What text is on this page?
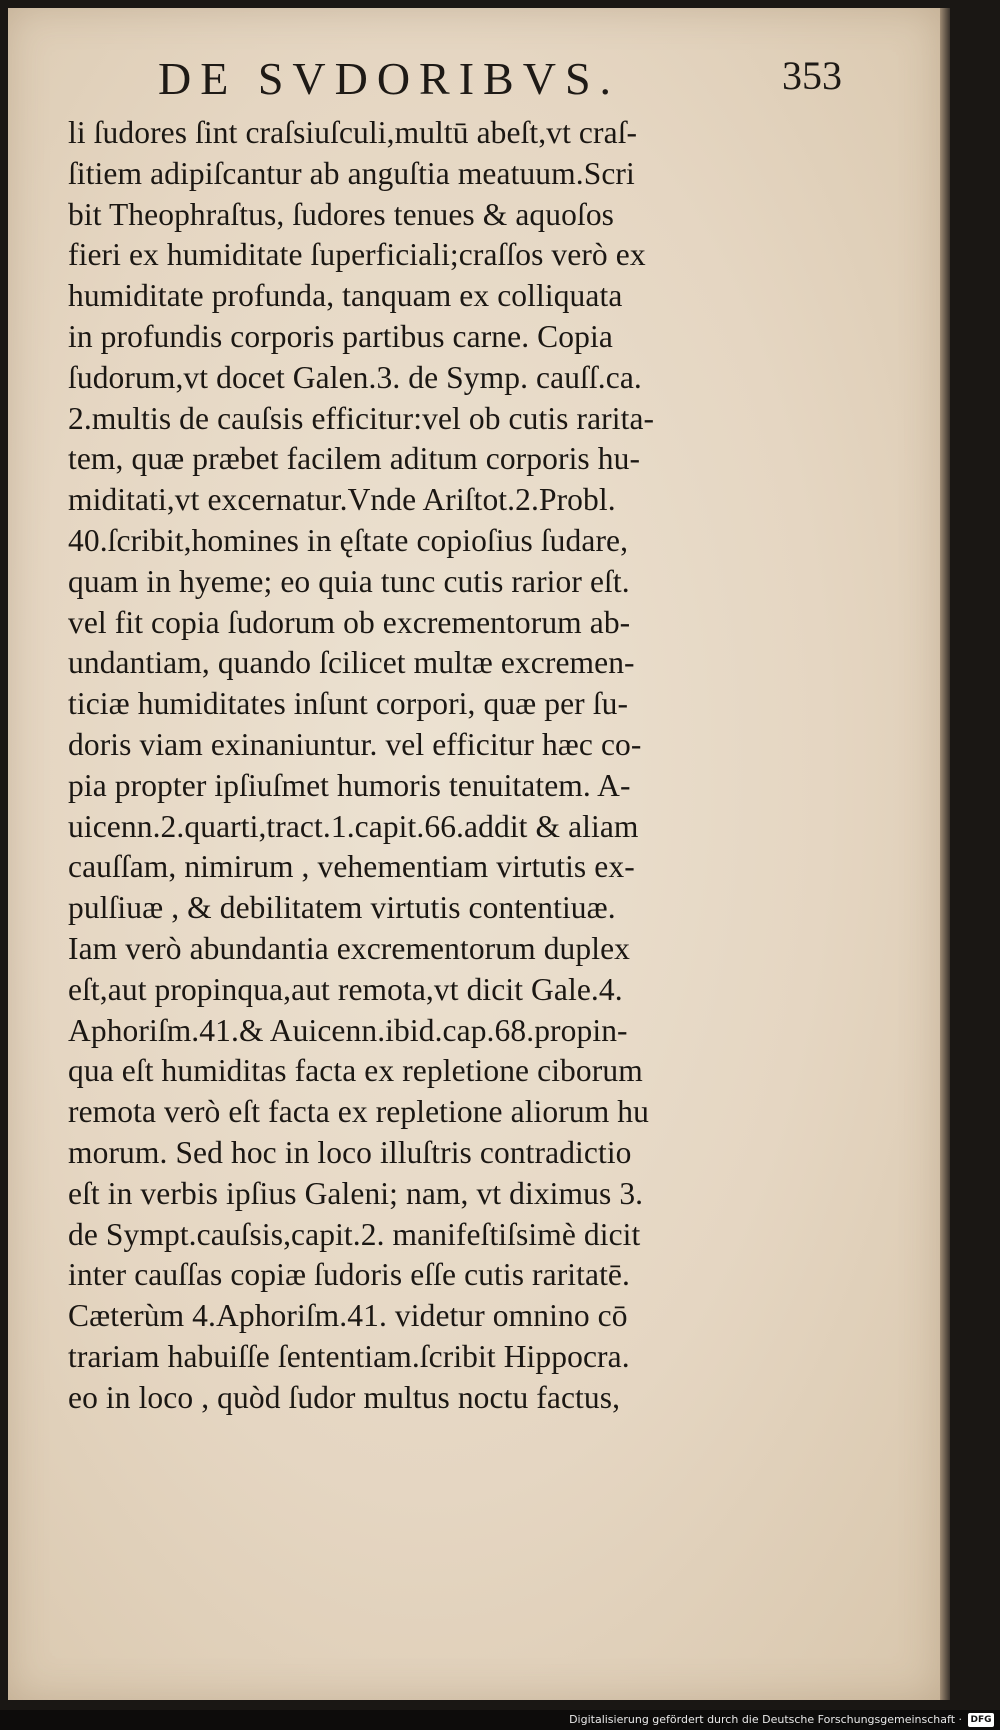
DE SVDORIBVS.	353
li ſudores ſint craſsiuſculi,multū abeſt,vt craſ-
ſitiem adipiſcantur ab anguſtia meatuum.Scri
bit Theophraſtus, ſudores tenues & aquoſos
fieri ex humiditate ſuperficiali;craſſos verò ex
humiditate profunda, tanquam ex colliquata
in profundis corporis partibus carne. Copia
ſudorum,vt docet Galen.3. de Symp. cauſſ.ca.
2.multis de cauſsis efficitur:vel ob cutis rarita-
tem, quæ præbet facilem aditum corporis hu-
miditati,vt excernatur.Vnde Ariſtot.2.Probl.
40.ſcribit,homines in ęſtate copioſius ſudare,
quam in hyeme; eo quia tunc cutis rarior eſt.
vel fit copia ſudorum ob excrementorum ab-
undantiam, quando ſcilicet multæ excremen-
ticiæ humiditates inſunt corpori, quæ per ſu-
doris viam exinaniuntur. vel efficitur hæc co-
pia propter ipſiuſmet humoris tenuitatem. A-
uicenn.2.quarti,tract.1.capit.66.addit & aliam
cauſſam, nimirum , vehementiam virtutis ex-
pulſiuæ , & debilitatem virtutis contentiuæ.
Iam verò abundantia excrementorum duplex
eſt,aut propinqua,aut remota,vt dicit Gale.4.
Aphoriſm.41.& Auicenn.ibid.cap.68.propin-
qua eſt humiditas facta ex repletione ciborum
remota verò eſt facta ex repletione aliorum hu
morum. Sed hoc in loco illuſtris contradictio
eſt in verbis ipſius Galeni; nam, vt diximus 3.
de Sympt.cauſsis,capit.2. manifeſtiſsimè dicit
inter cauſſas copiæ ſudoris eſſe cutis raritatē.
Cæterùm 4.Aphoriſm.41. videtur omnino cō
trariam habuiſſe ſententiam.ſcribit Hippocra.
eo in loco , quòd ſudor multus noctu factus,
Digitalisierung gefördert durch die Deutsche Forschungsgemeinschaft · DFG
